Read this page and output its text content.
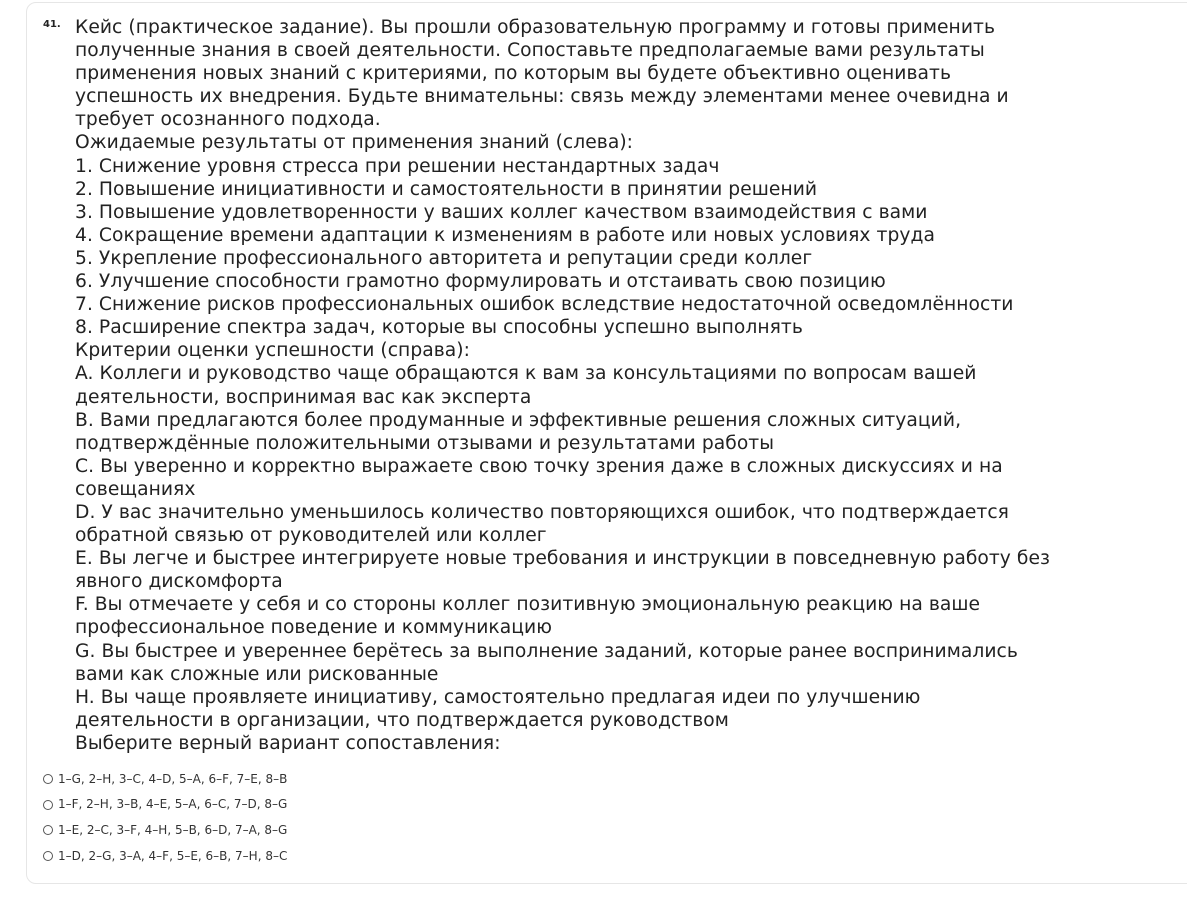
41. Кейс (практическое задание). Вы прошли образовательную программу и готовы применить
полученные знания в своей деятельности. Сопоставьте предполагаемые вами результаты
применения новых знаний с критериями, по которым вы будете объективно оценивать
успешность их внедрения. Будьте внимательны: связь между элементами менее очевидна и
требует осознанного подхода.
Ожидаемые результаты от применения знаний (слева):
1. Снижение уровня стресса при решении нестандартных задач
2. Повышение инициативности и самостоятельности в принятии решений
3. Повышение удовлетворенности у ваших коллег качеством взаимодействия с вами
4. Сокращение времени адаптации к изменениям в работе или новых условиях труда
5. Укрепление профессионального авторитета и репутации среди коллег
6. Улучшение способности грамотно формулировать и отстаивать свою позицию
7. Снижение рисков профессиональных ошибок вследствие недостаточной осведомлённости
8. Расширение спектра задач, которые вы способны успешно выполнять
Критерии оценки успешности (справа):
A. Коллеги и руководство чаще обращаются к вам за консультациями по вопросам вашей
деятельности, воспринимая вас как эксперта
B. Вами предлагаются более продуманные и эффективные решения сложных ситуаций,
подтверждённые положительными отзывами и результатами работы
C. Вы уверенно и корректно выражаете свою точку зрения даже в сложных дискуссиях и на
совещаниях
D. У вас значительно уменьшилось количество повторяющихся ошибок, что подтверждается
обратной связью от руководителей или коллег
E. Вы легче и быстрее интегрируете новые требования и инструкции в повседневную работу без
явного дискомфорта
F. Вы отмечаете у себя и со стороны коллег позитивную эмоциональную реакцию на ваше
профессиональное поведение и коммуникацию
G. Вы быстрее и увереннее берётесь за выполнение заданий, которые ранее воспринимались
вами как сложные или рискованные
H. Вы чаще проявляете инициативу, самостоятельно предлагая идеи по улучшению
деятельности в организации, что подтверждается руководством
Выберите верный вариант сопоставления:
1–G, 2–H, 3–C, 4–D, 5–A, 6–F, 7–E, 8–B
1–F, 2–H, 3–B, 4–E, 5–A, 6–C, 7–D, 8–G
1–E, 2–C, 3–F, 4–H, 5–B, 6–D, 7–A, 8–G
1–D, 2–G, 3–A, 4–F, 5–E, 6–B, 7–H, 8–C
